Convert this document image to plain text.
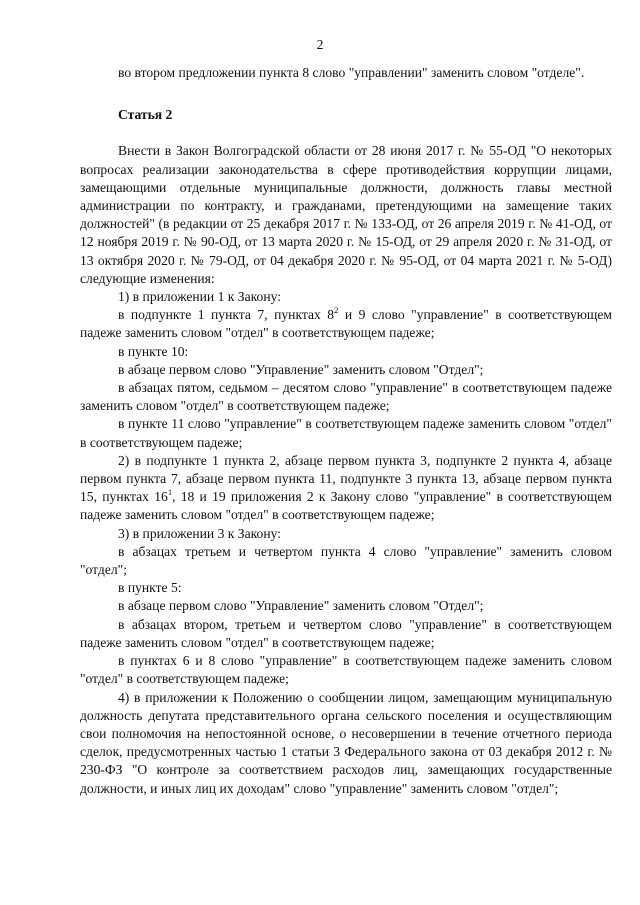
2

во втором предложении пункта 8 слово "управлении" заменить словом "отделе".

Статья 2

Внести в Закон Волгоградской области от 28 июня 2017 г. № 55-ОД "О некоторых вопросах реализации законодательства в сфере противодействия коррупции лицами, замещающими отдельные муниципальные должности, должность главы местной администрации по контракту, и гражданами, претендующими на замещение таких должностей" (в редакции от 25 декабря 2017 г. № 133-ОД, от 26 апреля 2019 г. № 41-ОД, от 12 ноября 2019 г. № 90-ОД, от 13 марта 2020 г. № 15-ОД, от 29 апреля 2020 г. № 31-ОД, от 13 октября 2020 г. № 79-ОД, от 04 декабря 2020 г. № 95-ОД, от 04 марта 2021 г. № 5-ОД) следующие изменения:

1) в приложении 1 к Закону:

в подпункте 1 пункта 7, пунктах $8^2$ и 9 слово "управление" в соответствующем падеже заменить словом "отдел" в соответствующем падеже;

в пункте 10:

в абзаце первом слово "Управление" заменить словом "Отдел";

в абзацах пятом, седьмом – десятом слово "управление" в соответствующем падеже заменить словом "отдел" в соответствующем падеже;

в пункте 11 слово "управление" в соответствующем падеже заменить словом "отдел" в соответствующем падеже;

2) в подпункте 1 пункта 2, абзаце первом пункта 3, подпункте 2 пункта 4, абзаце первом пункта 7, абзаце первом пункта 11, подпункте 3 пункта 13, абзаце первом пункта 15, пунктах $16^1$, 18 и 19 приложения 2 к Закону слово "управление" в соответствующем падеже заменить словом "отдел" в соответствующем падеже;

3) в приложении 3 к Закону:

в абзацах третьем и четвертом пункта 4 слово "управление" заменить словом "отдел";

в пункте 5:

в абзаце первом слово "Управление" заменить словом "Отдел";

в абзацах втором, третьем и четвертом слово "управление" в соответствующем падеже заменить словом "отдел" в соответствующем падеже;

в пунктах 6 и 8 слово "управление" в соответствующем падеже заменить словом "отдел" в соответствующем падеже;

4) в приложении к Положению о сообщении лицом, замещающим муниципальную должность депутата представительного органа сельского поселения и осуществляющим свои полномочия на непостоянной основе, о несовершении в течение отчетного периода сделок, предусмотренных частью 1 статьи 3 Федерального закона от 03 декабря 2012 г. № 230-ФЗ "О контроле за соответствием расходов лиц, замещающих государственные должности, и иных лиц их доходам" слово "управление" заменить словом "отдел";
